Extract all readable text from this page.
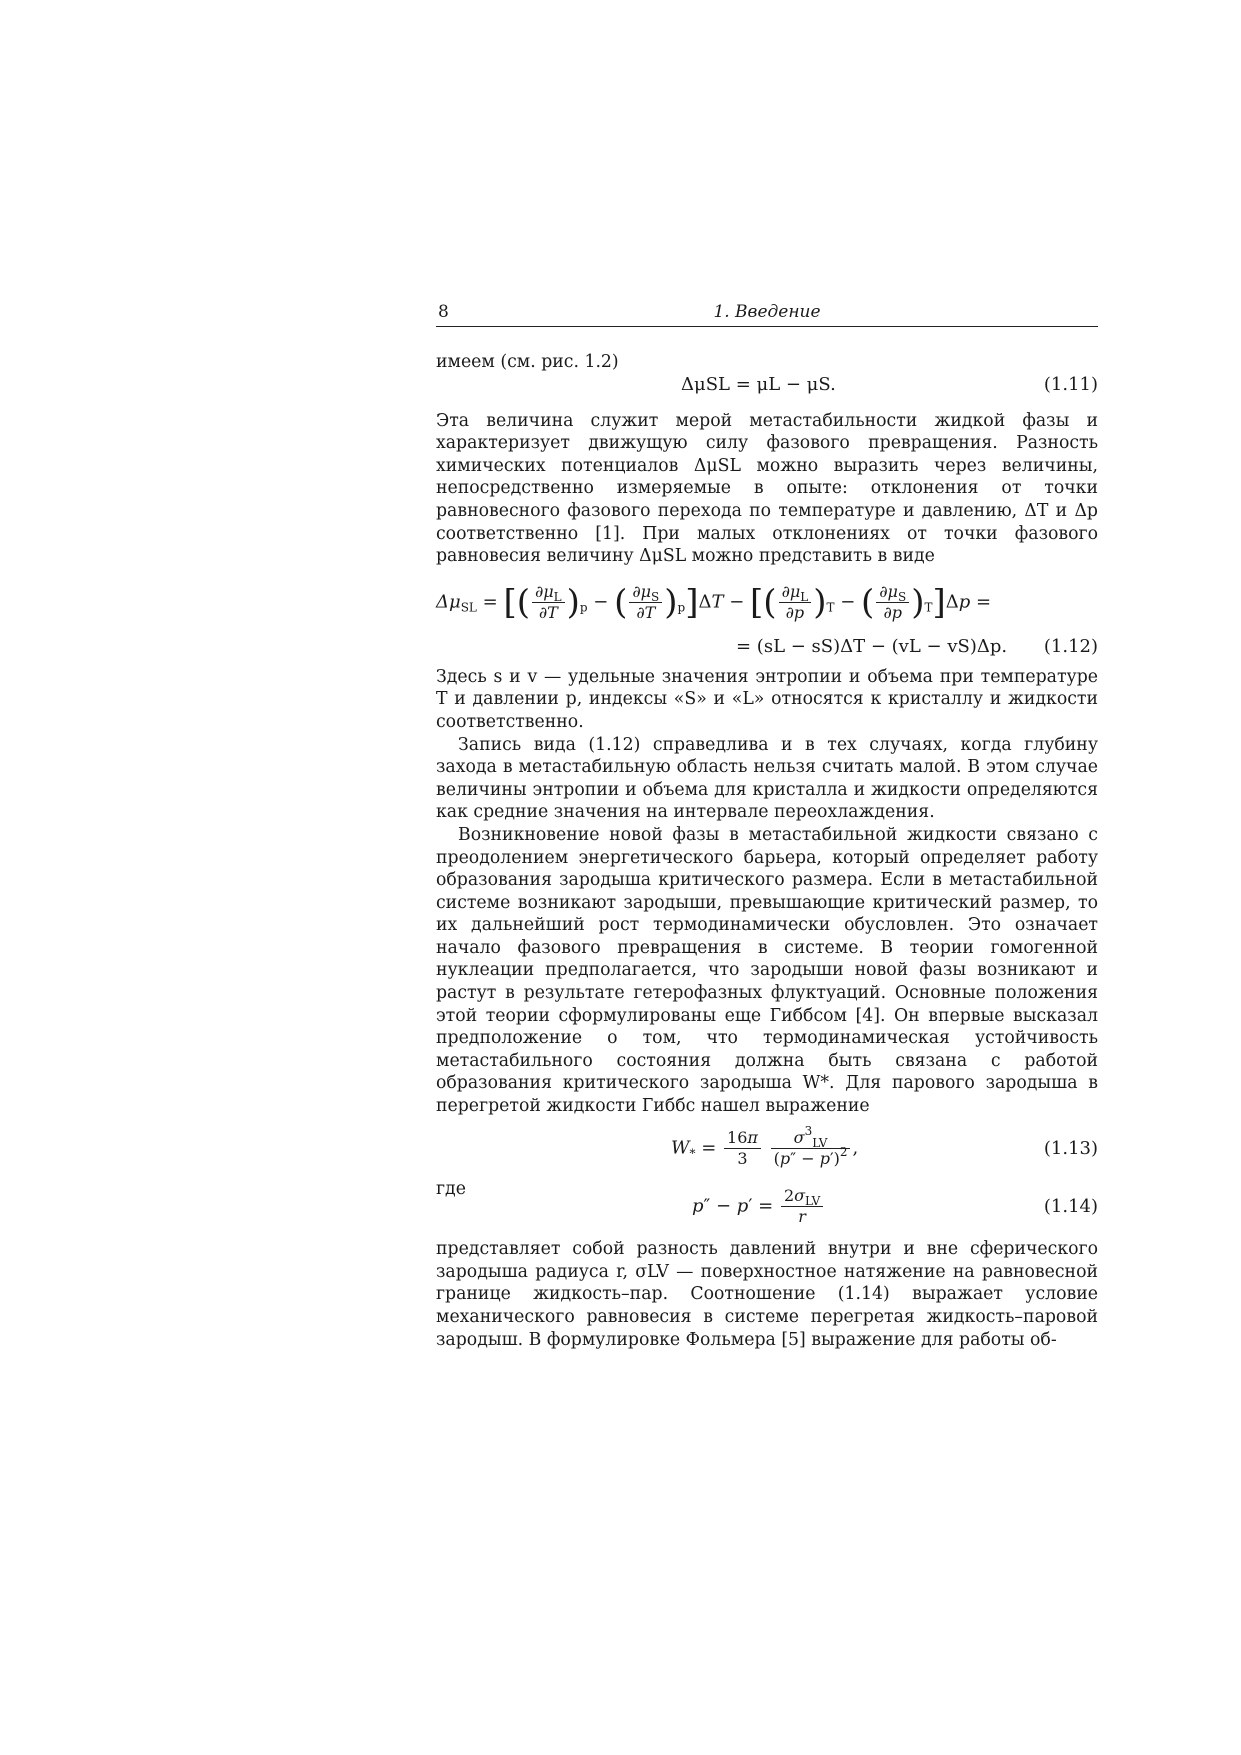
8	1. Введение

имеем (см. рис. 1.2)

ΔμSL = μL − μS.	(1.11)

Эта величина служит мерой метастабильности жидкой фазы и характеризует движущую силу фазового превращения. Разность химических потенциалов ΔμSL можно выразить через величины, непосредственно измеряемые в опыте: отклонения от точки равновесного фазового перехода по температуре и давлению, ΔT и Δp соответственно [1]. При малых отклонениях от точки фазового равновесия величину ΔμSL можно представить в виде

$\Delta\mu_{SL}$ = [( $\frac{\partial\mu_L}{\partial T} )_p$ − ( $\frac{\partial\mu_S}{\partial T} )_p]\Delta T$ − [( $\frac{\partial\mu_L}{\partial p} )_T$ − ( $\frac{\partial\mu_S}{\partial p} )_T]\Delta p$ =
= (sL − sS)ΔT − (vL − vS)Δp. (1.12)

Здесь s и v — удельные значения энтропии и объема при температуре T и давлении p, индексы «S» и «L» относятся к кристаллу и жидкости соответственно.

Запись вида (1.12) справедлива и в тех случаях, когда глубину захода в метастабильную область нельзя считать малой. В этом случае величины энтропии и объема для кристалла и жидкости определяются как средние значения на интервале переохлаждения.

Возникновение новой фазы в метастабильной жидкости связано с преодолением энергетического барьера, который определяет работу образования зародыша критического размера. Если в метастабильной системе возникают зародыши, превышающие критический размер, то их дальнейший рост термодинамически обусловлен. Это означает начало фазового превращения в системе. В теории гомогенной нуклеации предполагается, что зародыши новой фазы возникают и растут в результате гетерофазных флуктуаций. Основные положения этой теории сформулированы еще Гиббсом [4]. Он впервые высказал предположение о том, что термодинамическая устойчивость метастабильного состояния должна быть связана с работой образования критического зародыша W*. Для парового зародыша в перегретой жидкости Гиббс нашел выражение

$W_* = \frac{16\pi}{3}$
$\frac{\sigma^3_{LV}}{(p'' - p')^2}$ ,	(1.13)

где

$p'' - p' = \frac{2\sigma_{LV}}{r}$	(1.14)

представляет собой разность давлений внутри и вне сферического зародыша радиуса r, σLV — поверхностное натяжение на равновесной границе жидкость–пар. Соотношение (1.14) выражает условие механического равновесия в системе перегретая жидкость–паровой зародыш. В формулировке Фольмера [5] выражение для работы об-
